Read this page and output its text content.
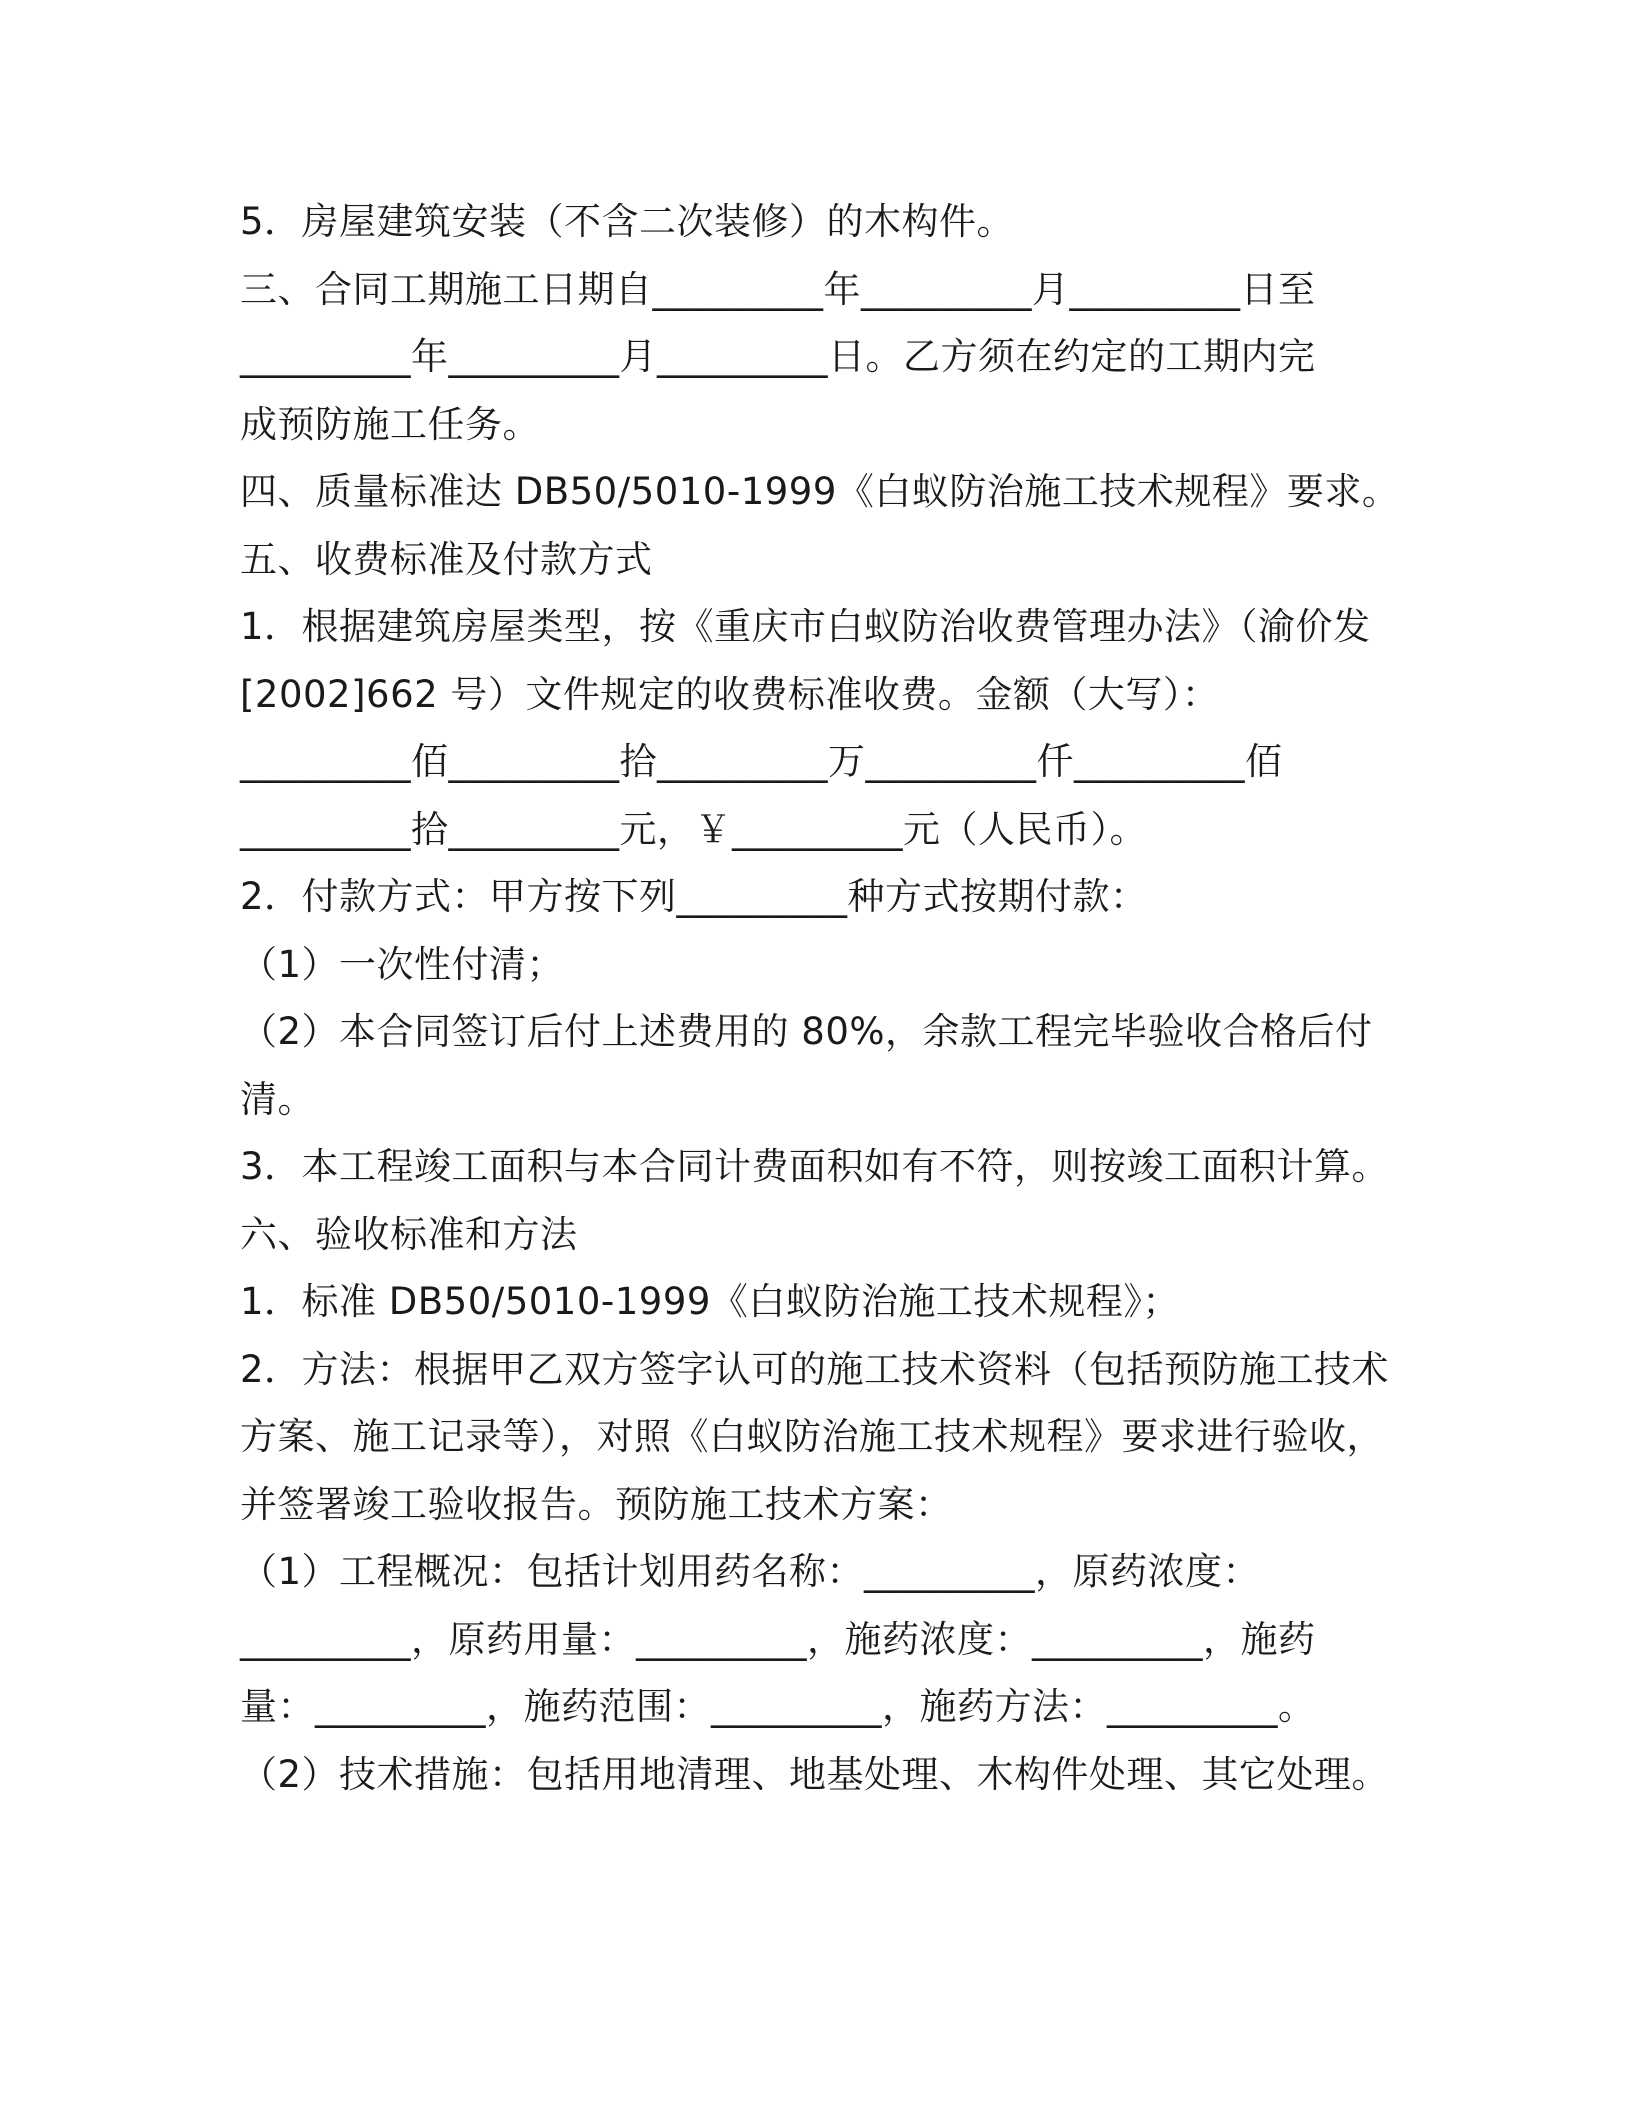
5．房屋建筑安装（不含二次装修）的木构件。
三、合同工期施工日期自_________年_________月_________日至
_________年_________月_________日。乙方须在约定的工期内完
成预防施工任务。
四、质量标准达 DB50/5010-1999《白蚁防治施工技术规程》要求。
五、收费标准及付款方式
1．根据建筑房屋类型，按《重庆市白蚁防治收费管理办法》（渝价发
[2002]662 号）文件规定的收费标准收费。金额（大写）：
_________佰_________拾_________万_________仟_________佰
_________拾_________元，￥_________元（人民币）。
2．付款方式：甲方按下列_________种方式按期付款：
（1）一次性付清；
（2）本合同签订后付上述费用的 80%，余款工程完毕验收合格后付
清。
3．本工程竣工面积与本合同计费面积如有不符，则按竣工面积计算。
六、验收标准和方法
1．标准 DB50/5010-1999《白蚁防治施工技术规程》；
2．方法：根据甲乙双方签字认可的施工技术资料（包括预防施工技术
方案、施工记录等），对照《白蚁防治施工技术规程》要求进行验收，
并签署竣工验收报告。预防施工技术方案：
（1）工程概况：包括计划用药名称：_________，原药浓度：
_________，原药用量：_________，施药浓度：_________，施药
量：_________，施药范围：_________，施药方法：_________。
（2）技术措施：包括用地清理、地基处理、木构件处理、其它处理。
